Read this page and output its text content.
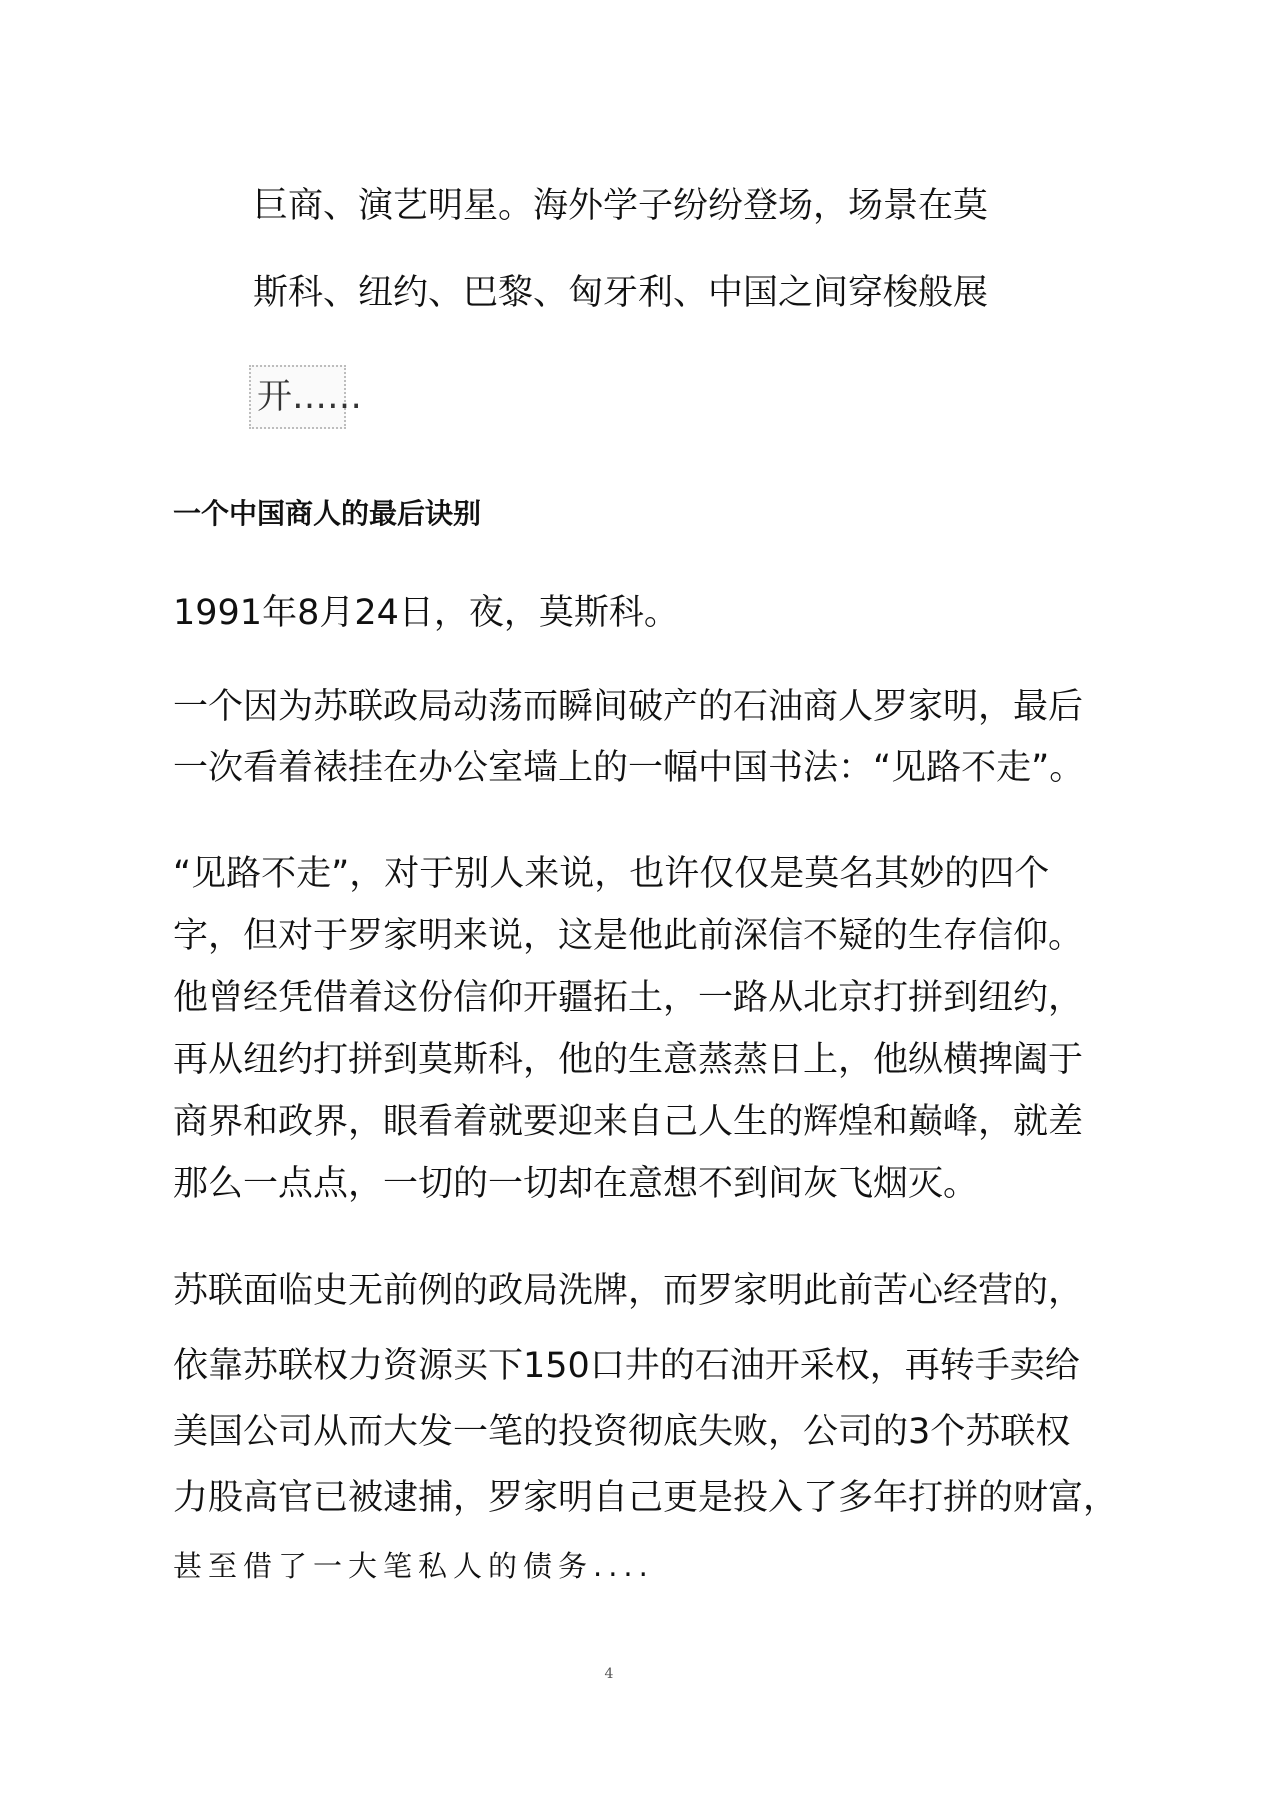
巨商、演艺明星。海外学子纷纷登场，场景在莫
斯科、纽约、巴黎、匈牙利、中国之间穿梭般展
开……
一个中国商人的最后诀别
1991年8月24日，夜，莫斯科。
一个因为苏联政局动荡而瞬间破产的石油商人罗家明，最后
一次看着裱挂在办公室墙上的一幅中国书法：“见路不走”。
“见路不走”，对于别人来说，也许仅仅是莫名其妙的四个
字，但对于罗家明来说，这是他此前深信不疑的生存信仰。
他曾经凭借着这份信仰开疆拓土，一路从北京打拼到纽约，
再从纽约打拼到莫斯科，他的生意蒸蒸日上，他纵横捭阖于
商界和政界，眼看着就要迎来自己人生的辉煌和巅峰，就差
那么一点点，一切的一切却在意想不到间灰飞烟灭。
苏联面临史无前例的政局洗牌，而罗家明此前苦心经营的，
依靠苏联权力资源买下150口井的石油开采权，再转手卖给
美国公司从而大发一笔的投资彻底失败，公司的3个苏联权
力股高官已被逮捕，罗家明自己更是投入了多年打拼的财富，
甚至借了一大笔私人的债务....
4
